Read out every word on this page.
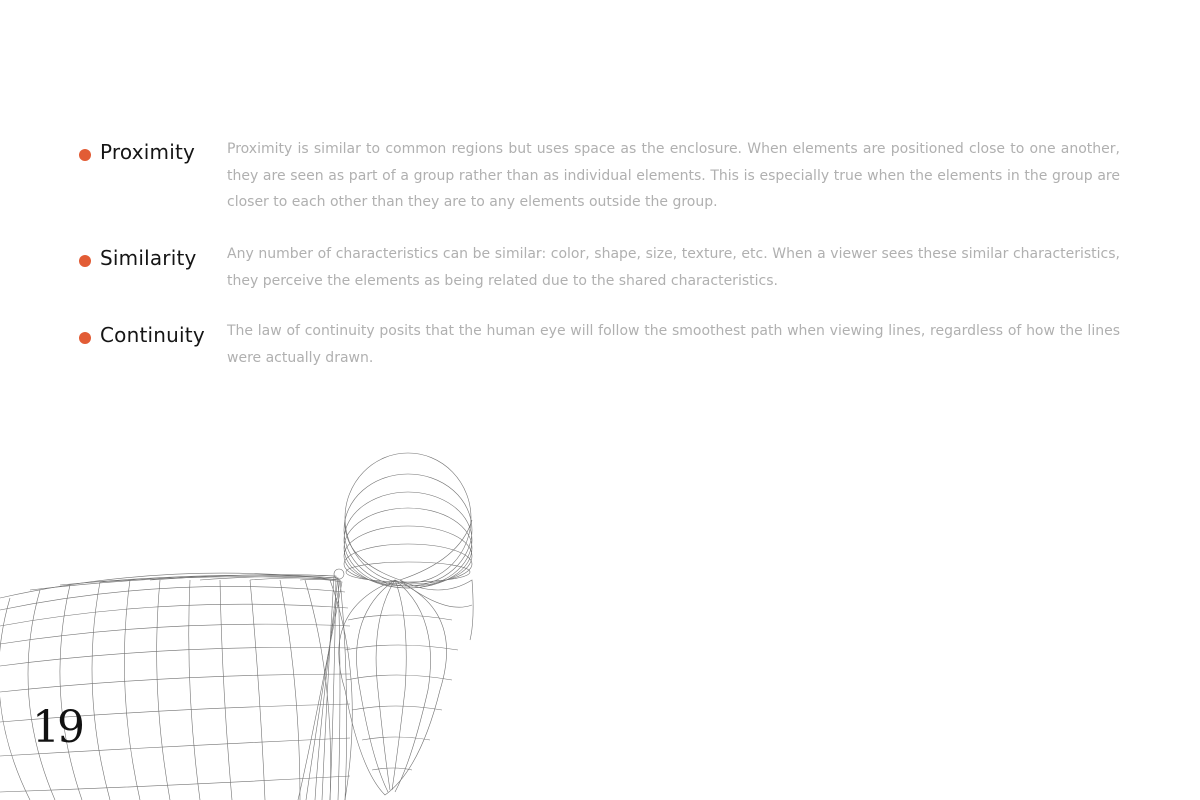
Proximity Proximity is similar to common regions but uses space as the enclosure. When elements are positioned close to one another, they are seen as part of a group rather than as individual elements. This is especially true when the elements in the group are closer to each other than they are to any elements outside the group.

Similarity Any number of characteristics can be similar: color, shape, size, texture, etc. When a viewer sees these similar characteristics, they perceive the elements as being related due to the shared characteristics.

Continuity The law of continuity posits that the human eye will follow the smoothest path when viewing lines, regardless of how the lines were actually drawn.

19
